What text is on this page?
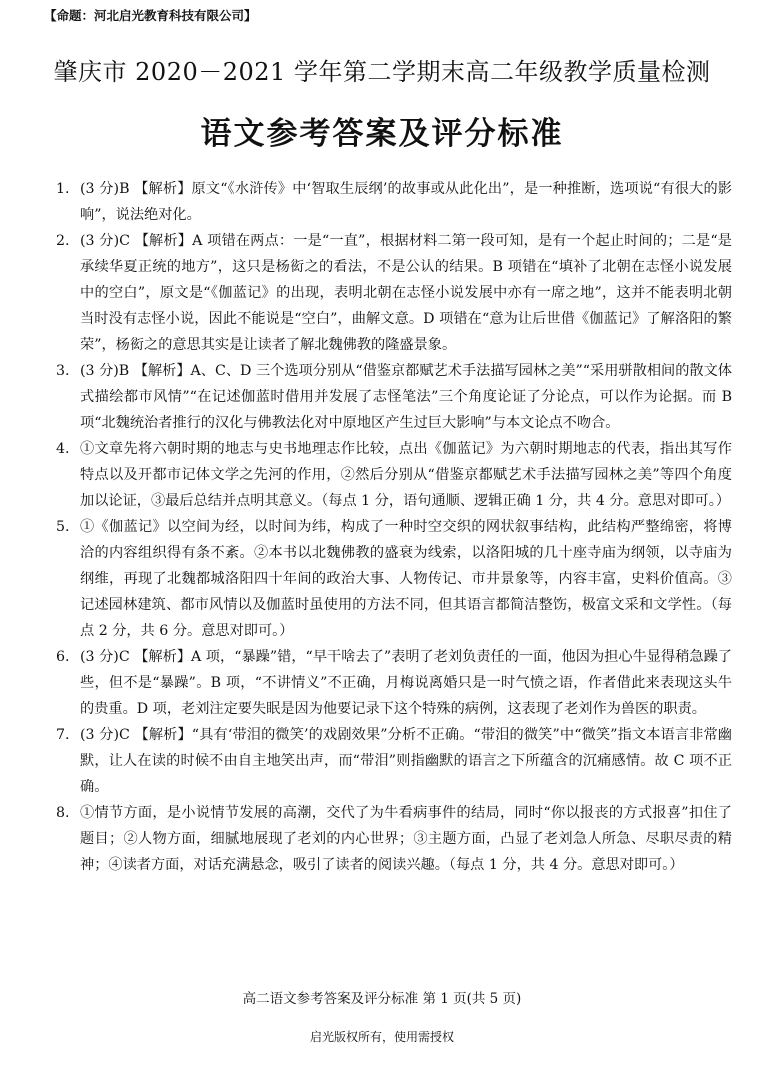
【命题：河北启光教育科技有限公司】
肇庆市 2020－2021 学年第二学期末高二年级教学质量检测
语文参考答案及评分标准
1. (3 分)B 【解析】原文“《水浒传》中‘智取生辰纲’的故事或从此化出”，是一种推断，选项说“有很大的影响”，说法绝对化。
2. (3 分)C 【解析】A 项错在两点：一是“一直”，根据材料二第一段可知，是有一个起止时间的；二是“是承续华夏正统的地方”，这只是杨衒之的看法，不是公认的结果。B 项错在“填补了北朝在志怪小说发展中的空白”，原文是“《伽蓝记》的出现，表明北朝在志怪小说发展中亦有一席之地”，这并不能表明北朝当时没有志怪小说，因此不能说是“空白”，曲解文意。D 项错在“意为让后世借《伽蓝记》了解洛阳的繁荣”，杨衒之的意思其实是让读者了解北魏佛教的隆盛景象。
3. (3 分)B 【解析】A、C、D 三个选项分别从“借鉴京都赋艺术手法描写园林之美”“采用骈散相间的散文体式描绘都市风情”“在记述伽蓝时借用并发展了志怪笔法”三个角度论证了分论点，可以作为论据。而 B 项“北魏统治者推行的汉化与佛教法化对中原地区产生过巨大影响”与本文论点不吻合。
4. ①文章先将六朝时期的地志与史书地理志作比较，点出《伽蓝记》为六朝时期地志的代表，指出其写作特点以及开都市记体文学之先河的作用，②然后分别从“借鉴京都赋艺术手法描写园林之美”等四个角度加以论证，③最后总结并点明其意义。（每点 1 分，语句通顺、逻辑正确 1 分，共 4 分。意思对即可。）
5. ①《伽蓝记》以空间为经，以时间为纬，构成了一种时空交织的网状叙事结构，此结构严整绵密，将博洽的内容组织得有条不紊。②本书以北魏佛教的盛衰为线索，以洛阳城的几十座寺庙为纲领，以寺庙为纲维，再现了北魏都城洛阳四十年间的政治大事、人物传记、市井景象等，内容丰富，史料价值高。③记述园林建筑、都市风情以及伽蓝时虽使用的方法不同，但其语言都简洁整饬，极富文采和文学性。（每点 2 分，共 6 分。意思对即可。）
6. (3 分)C 【解析】A 项，“暴躁”错，“早干啥去了”表明了老刘负责任的一面，他因为担心牛显得稍急躁了些，但不是“暴躁”。B 项，“不讲情义”不正确，月梅说离婚只是一时气愤之语，作者借此来表现这头牛的贵重。D 项，老刘注定要失眠是因为他要记录下这个特殊的病例，这表现了老刘作为兽医的职责。
7. (3 分)C 【解析】“具有‘带泪的微笑’的戏剧效果”分析不正确。“带泪的微笑”中“微笑”指文本语言非常幽默，让人在读的时候不由自主地笑出声，而“带泪”则指幽默的语言之下所蕴含的沉痛感情。故 C 项不正确。
8. ①情节方面，是小说情节发展的高潮，交代了为牛看病事件的结局，同时“你以报丧的方式报喜”扣住了题目；②人物方面，细腻地展现了老刘的内心世界；③主题方面，凸显了老刘急人所急、尽职尽责的精神；④读者方面，对话充满悬念，吸引了读者的阅读兴趣。（每点 1 分，共 4 分。意思对即可。）
高二语文参考答案及评分标准 第 1 页(共 5 页)
启光版权所有，使用需授权
